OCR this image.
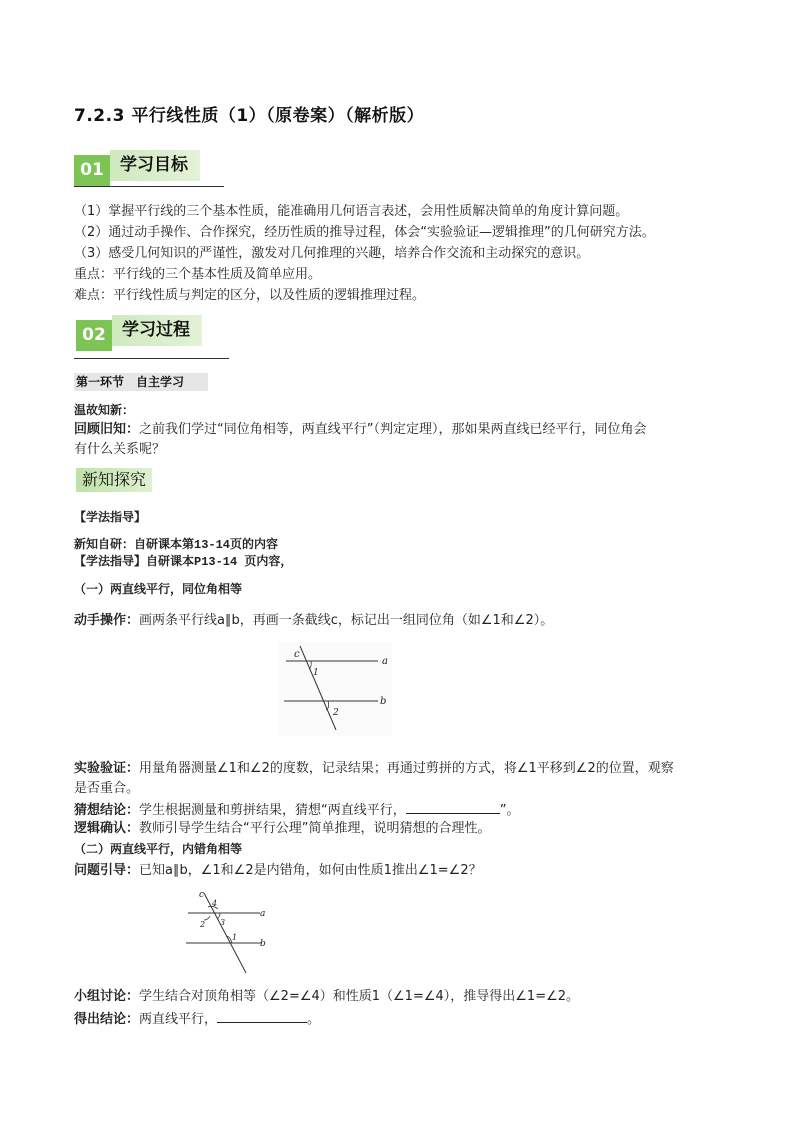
7.2.3 平行线性质（1）（原卷案）（解析版）
01 学习目标
（1）掌握平行线的三个基本性质，能准确用几何语言表述，会用性质解决简单的角度计算问题。
（2）通过动手操作、合作探究，经历性质的推导过程，体会“实验验证—逻辑推理”的几何研究方法。
（3）感受几何知识的严谨性，激发对几何推理的兴趣，培养合作交流和主动探究的意识。
重点：平行线的三个基本性质及简单应用。
难点：平行线性质与判定的区分，以及性质的逻辑推理过程。
02 学习过程
第一环节　自主学习
温故知新：
回顾旧知：之前我们学过“同位角相等，两直线平行”（判定定理），那如果两直线已经平行，同位角会
有什么关系呢？
新知探究
【学法指导】
新知自研：自研课本第13-14页的内容
【学法指导】自研课本P13-14 页内容，
（一）两直线平行，同位角相等
动手操作：画两条平行线a∥b，再画一条截线c，标记出一组同位角（如∠1和∠2）。
c
a
b
1
2
实验验证：用量角器测量∠1和∠2的度数，记录结果；再通过剪拼的方式，将∠1平移到∠2的位置，观察
是否重合。
猜想结论：学生根据测量和剪拼结果，猜想“两直线平行，	”。
逻辑确认：教师引导学生结合“平行公理”简单推理，说明猜想的合理性。
（二）两直线平行，内错角相等
问题引导：已知a∥b，∠1和∠2是内错角，如何由性质1推出∠1=∠2？
c
a
b
4
2 3
1
小组讨论：学生结合对顶角相等（∠2=∠4）和性质1（∠1=∠4），推导得出∠1=∠2。
得出结论：两直线平行，	。
